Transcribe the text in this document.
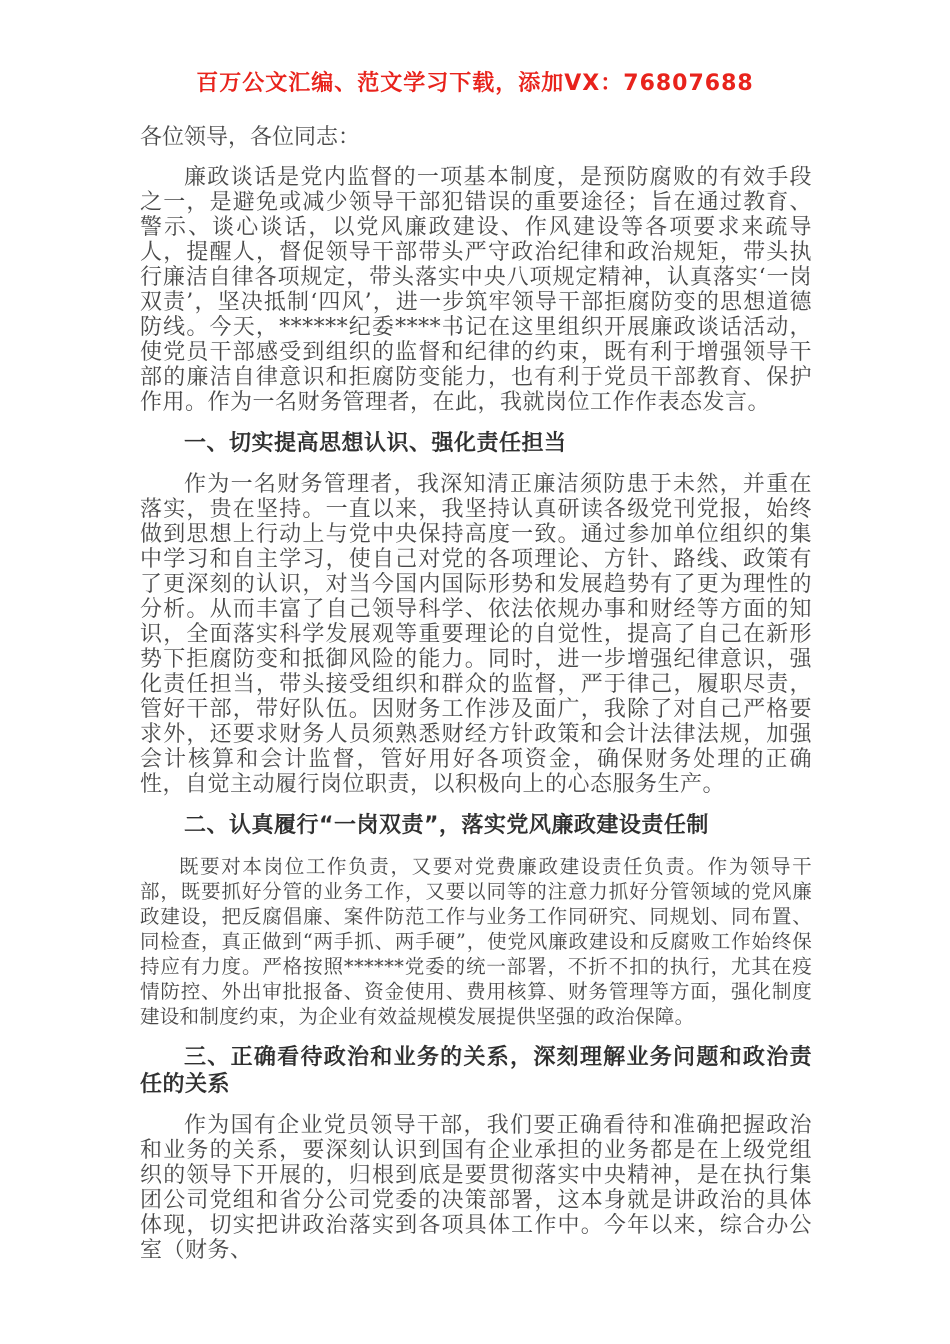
百万公文汇编、范文学习下载，添加VX：76807688

各位领导，各位同志：

廉政谈话是党内监督的一项基本制度，是预防腐败的有效手段之一，是避免或减少领导干部犯错误的重要途径；旨在通过教育、警示、谈心谈话，以党风廉政建设、作风建设等各项要求来疏导人，提醒人，督促领导干部带头严守政治纪律和政治规矩，带头执行廉洁自律各项规定，带头落实中央八项规定精神，认真落实‘一岗双责’，坚决抵制‘四风’，进一步筑牢领导干部拒腐防变的思想道德防线。今天，******纪委****书记在这里组织开展廉政谈话活动，使党员干部感受到组织的监督和纪律的约束，既有利于增强领导干部的廉洁自律意识和拒腐防变能力，也有利于党员干部教育、保护作用。作为一名财务管理者，在此，我就岗位工作作表态发言。

一、切实提高思想认识、强化责任担当

作为一名财务管理者，我深知清正廉洁须防患于未然，并重在落实，贵在坚持。一直以来，我坚持认真研读各级党刊党报，始终做到思想上行动上与党中央保持高度一致。通过参加单位组织的集中学习和自主学习，使自己对党的各项理论、方针、路线、政策有了更深刻的认识，对当今国内国际形势和发展趋势有了更为理性的分析。从而丰富了自己领导科学、依法依规办事和财经等方面的知识，全面落实科学发展观等重要理论的自觉性，提高了自己在新形势下拒腐防变和抵御风险的能力。同时，进一步增强纪律意识，强化责任担当，带头接受组织和群众的监督，严于律己，履职尽责，管好干部，带好队伍。因财务工作涉及面广，我除了对自己严格要求外，还要求财务人员须熟悉财经方针政策和会计法律法规，加强会计核算和会计监督，管好用好各项资金，确保财务处理的正确性，自觉主动履行岗位职责，以积极向上的心态服务生产。

二、认真履行“一岗双责”，落实党风廉政建设责任制

既要对本岗位工作负责，又要对党费廉政建设责任负责。作为领导干部，既要抓好分管的业务工作，又要以同等的注意力抓好分管领域的党风廉政建设，把反腐倡廉、案件防范工作与业务工作同研究、同规划、同布置、同检查，真正做到“两手抓、两手硬”，使党风廉政建设和反腐败工作始终保持应有力度。严格按照******党委的统一部署，不折不扣的执行，尤其在疫情防控、外出审批报备、资金使用、费用核算、财务管理等方面，强化制度建设和制度约束，为企业有效益规模发展提供坚强的政治保障。

三、正确看待政治和业务的关系，深刻理解业务问题和政治责任的关系

作为国有企业党员领导干部，我们要正确看待和准确把握政治和业务的关系，要深刻认识到国有企业承担的业务都是在上级党组织的领导下开展的，归根到底是要贯彻落实中央精神，是在执行集团公司党组和省分公司党委的决策部署，这本身就是讲政治的具体体现，切实把讲政治落实到各项具体工作中。今年以来，综合办公室（财务、
